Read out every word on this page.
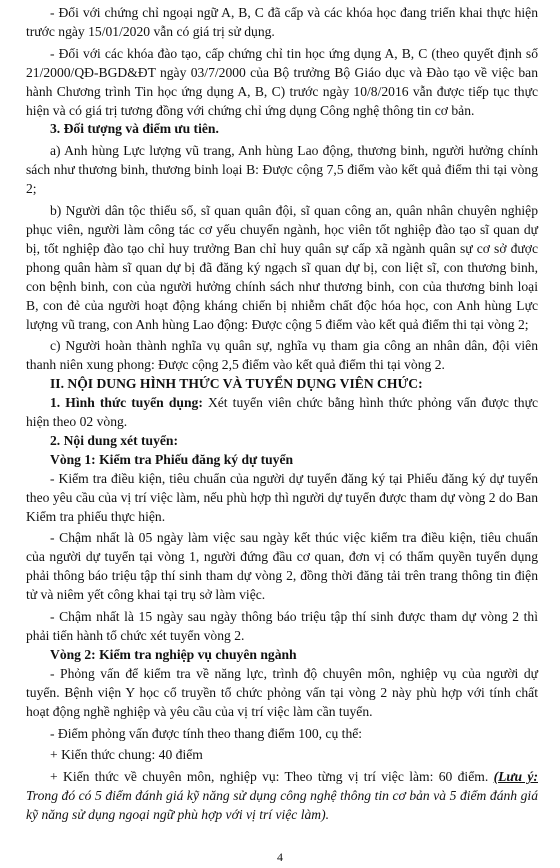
- Đối với chứng chỉ ngoại ngữ A, B, C đã cấp và các khóa học đang triển khai thực hiện trước ngày 15/01/2020 vẫn có giá trị sử dụng.

- Đối với các khóa đào tạo, cấp chứng chỉ tin học ứng dụng A, B, C (theo quyết định số 21/2000/QĐ-BGD&ĐT ngày 03/7/2000 của Bộ trưởng Bộ Giáo dục và Đào tạo về việc ban hành Chương trình Tin học ứng dụng A, B, C) trước ngày 10/8/2016 vẫn được tiếp tục thực hiện và có giá trị tương đồng với chứng chỉ ứng dụng Công nghệ thông tin cơ bản.

3. Đối tượng và điểm ưu tiên.

a) Anh hùng Lực lượng vũ trang, Anh hùng Lao động, thương binh, người hưởng chính sách như thương binh, thương binh loại B: Được cộng 7,5 điểm vào kết quả điểm thi tại vòng 2;

b) Người dân tộc thiểu số, sĩ quan quân đội, sĩ quan công an, quân nhân chuyên nghiệp phục viên, người làm công tác cơ yếu chuyển ngành, học viên tốt nghiệp đào tạo sĩ quan dự bị, tốt nghiệp đào tạo chỉ huy trưởng Ban chỉ huy quân sự cấp xã ngành quân sự cơ sở được phong quân hàm sĩ quan dự bị đã đăng ký ngạch sĩ quan dự bị, con liệt sĩ, con thương binh, con bệnh binh, con của người hưởng chính sách như thương binh, con của thương binh loại B, con đẻ của người hoạt động kháng chiến bị nhiễm chất độc hóa học, con Anh hùng Lực lượng vũ trang, con Anh hùng Lao động: Được cộng 5 điểm vào kết quả điểm thi tại vòng 2;

c) Người hoàn thành nghĩa vụ quân sự, nghĩa vụ tham gia công an nhân dân, đội viên thanh niên xung phong: Được cộng 2,5 điểm vào kết quả điểm thi tại vòng 2.

II. NỘI DUNG HÌNH THỨC VÀ TUYỂN DỤNG VIÊN CHỨC:

1. Hình thức tuyển dụng: Xét tuyển viên chức bằng hình thức phỏng vấn được thực hiện theo 02 vòng.

2. Nội dung xét tuyển:

Vòng 1: Kiểm tra Phiếu đăng ký dự tuyển

- Kiểm tra điều kiện, tiêu chuẩn của người dự tuyển đăng ký tại Phiếu đăng ký dự tuyển theo yêu cầu của vị trí việc làm, nếu phù hợp thì người dự tuyển được tham dự vòng 2 do Ban Kiểm tra phiếu thực hiện.

- Chậm nhất là 05 ngày làm việc sau ngày kết thúc việc kiểm tra điều kiện, tiêu chuẩn của người dự tuyển tại vòng 1, người đứng đầu cơ quan, đơn vị có thẩm quyền tuyển dụng phải thông báo triệu tập thí sinh tham dự vòng 2, đồng thời đăng tải trên trang thông tin điện tử và niêm yết công khai tại trụ sở làm việc.

- Chậm nhất là 15 ngày sau ngày thông báo triệu tập thí sinh được tham dự vòng 2 thì phải tiến hành tổ chức xét tuyển vòng 2.

Vòng 2: Kiểm tra nghiệp vụ chuyên ngành

- Phỏng vấn để kiểm tra về năng lực, trình độ chuyên môn, nghiệp vụ của người dự tuyển. Bệnh viện Y học cổ truyền tổ chức phỏng vấn tại vòng 2 này phù hợp với tính chất hoạt động nghề nghiệp và yêu cầu của vị trí việc làm cần tuyển.

- Điểm phỏng vấn được tính theo thang điểm 100, cụ thể:

+ Kiến thức chung: 40 điểm

+ Kiến thức về chuyên môn, nghiệp vụ: Theo từng vị trí việc làm: 60 điểm. (Lưu ý: Trong đó có 5 điểm đánh giá kỹ năng sử dụng công nghệ thông tin cơ bản và 5 điểm đánh giá kỹ năng sử dụng ngoại ngữ phù hợp với vị trí việc làm).

4
